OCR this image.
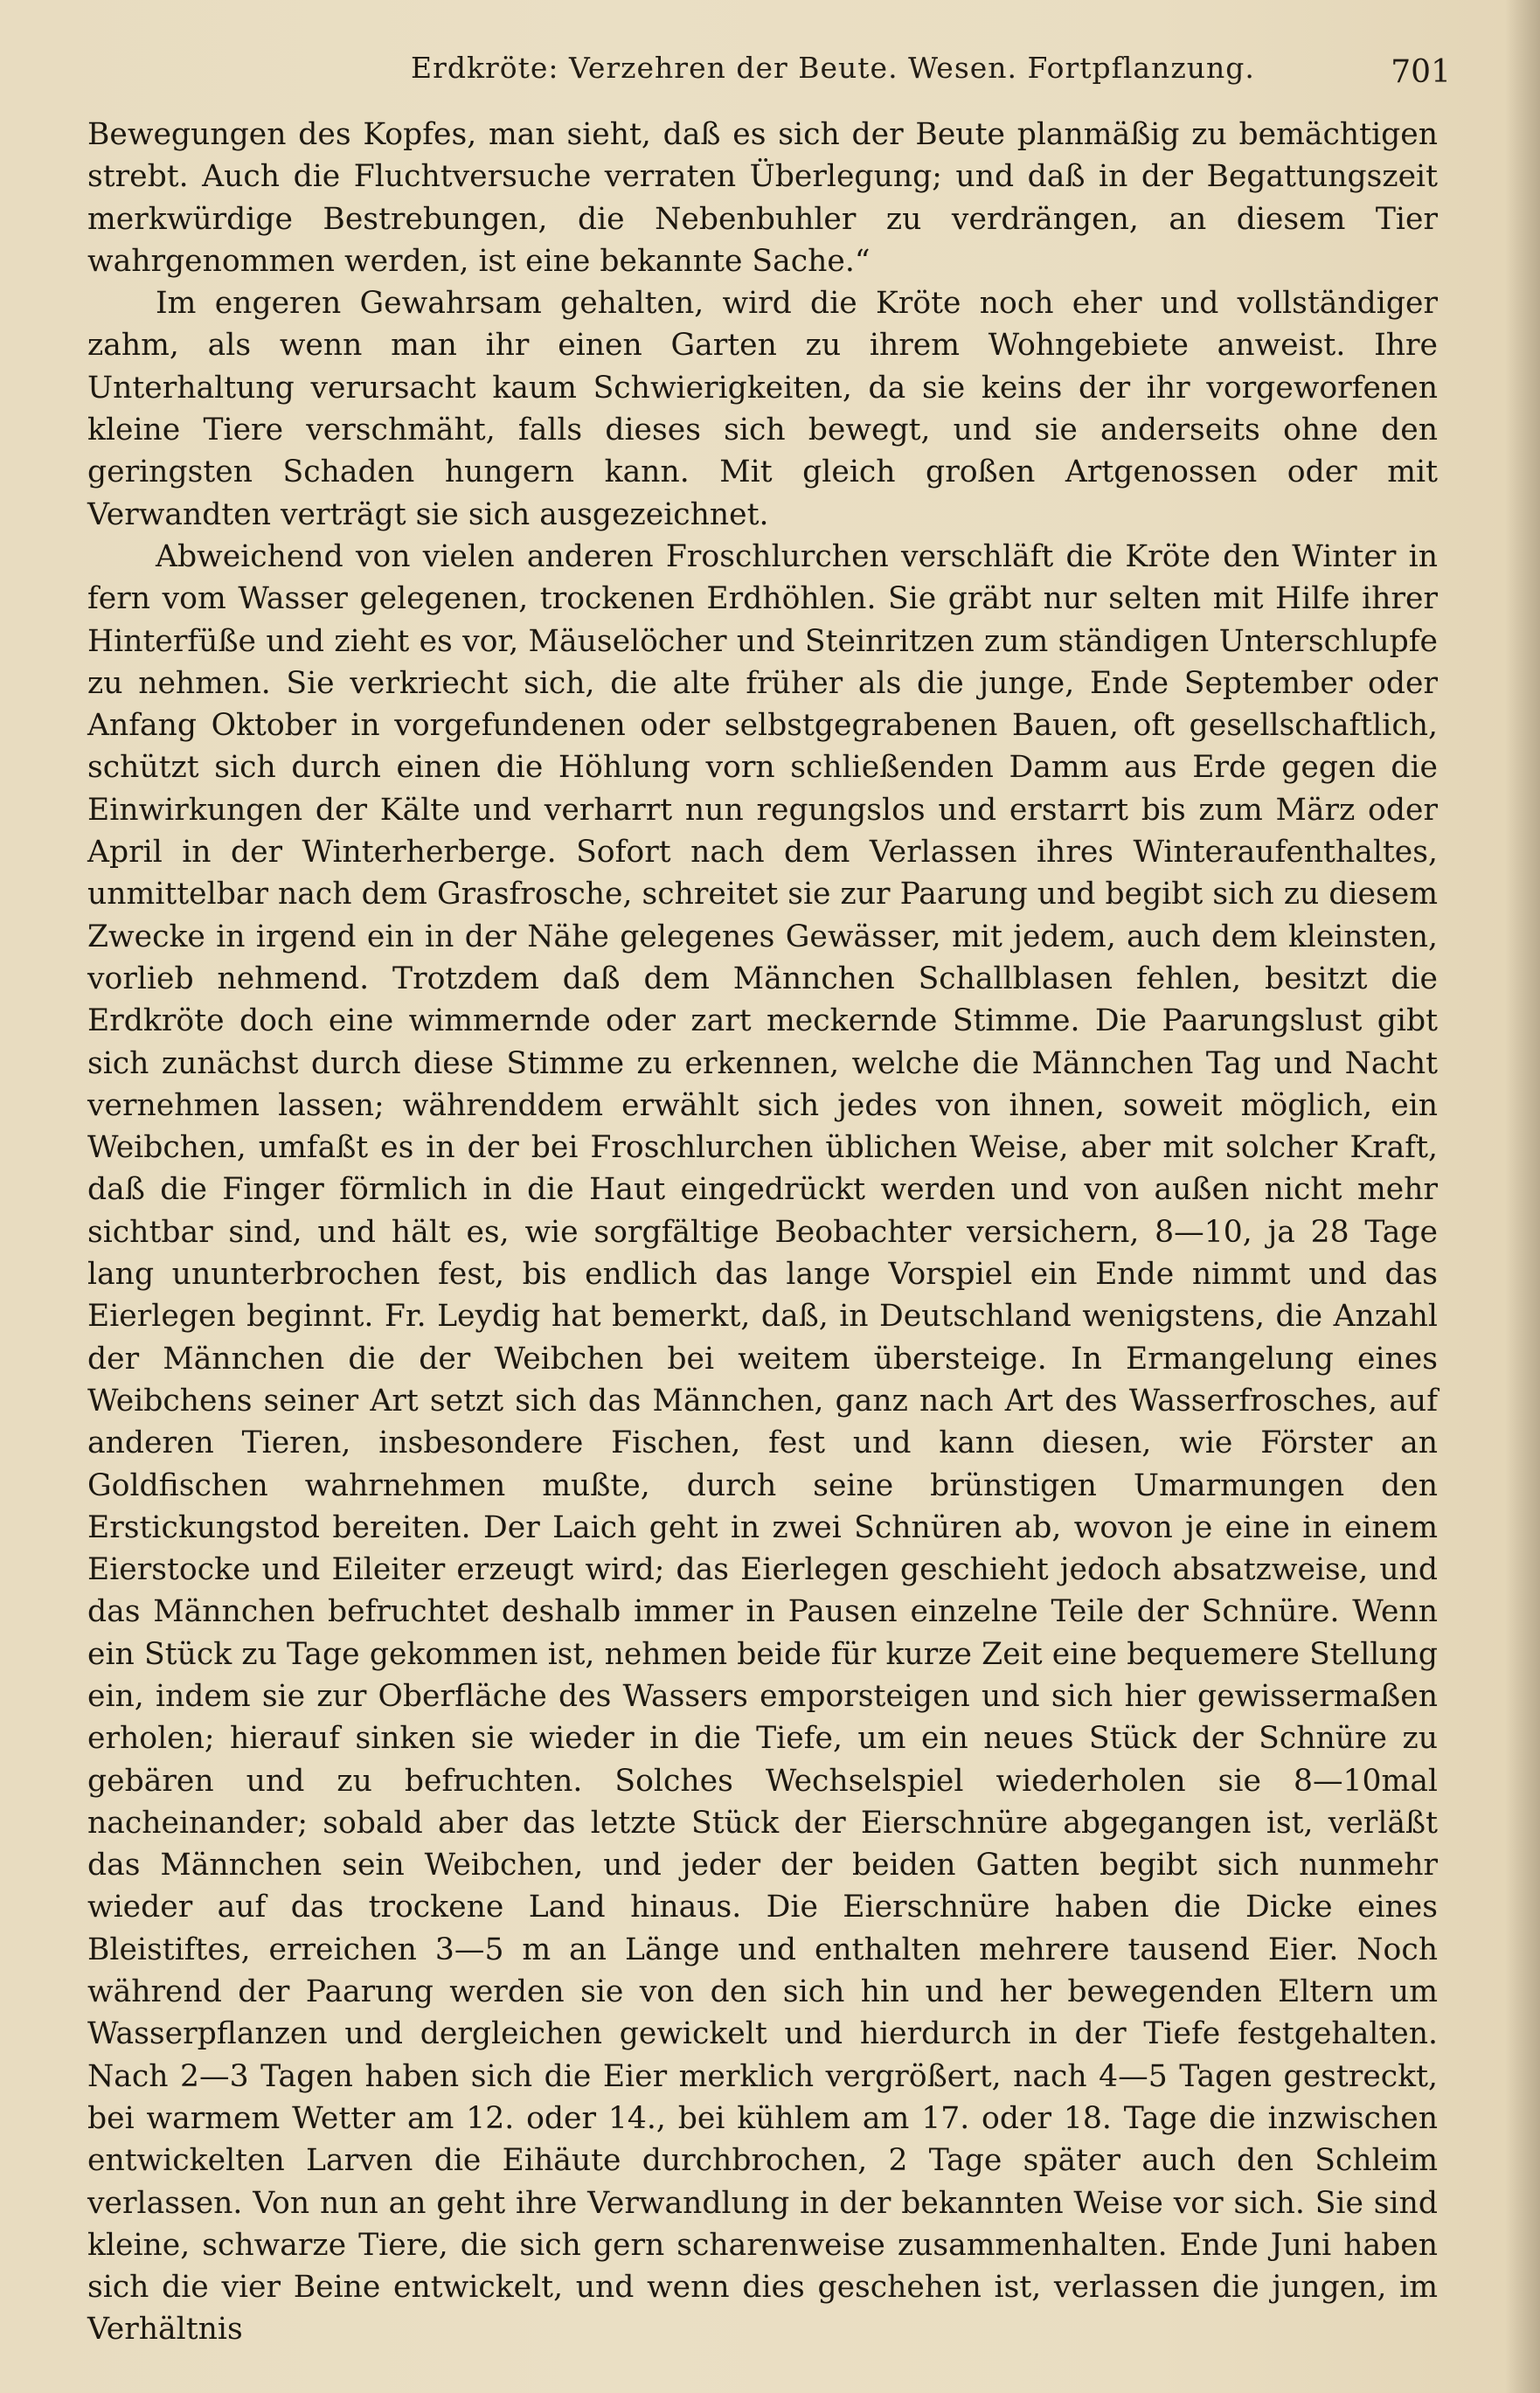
Erdkröte: Verzehren der Beute. Wesen. Fortpflanzung.	701

Bewegungen des Kopfes, man sieht, daß es sich der Beute planmäßig zu bemächtigen strebt. Auch die Fluchtversuche verraten Überlegung; und daß in der Begattungszeit merkwürdige Bestrebungen, die Nebenbuhler zu verdrängen, an diesem Tier wahrgenommen werden, ist eine bekannte Sache.“

Im engeren Gewahrsam gehalten, wird die Kröte noch eher und vollständiger zahm, als wenn man ihr einen Garten zu ihrem Wohngebiete anweist. Ihre Unterhaltung verursacht kaum Schwierigkeiten, da sie keins der ihr vorgeworfenen kleine Tiere verschmäht, falls dieses sich bewegt, und sie anderseits ohne den geringsten Schaden hungern kann. Mit gleich großen Artgenossen oder mit Verwandten verträgt sie sich ausgezeichnet.

Abweichend von vielen anderen Froschlurchen verschläft die Kröte den Winter in fern vom Wasser gelegenen, trockenen Erdhöhlen. Sie gräbt nur selten mit Hilfe ihrer Hinterfüße und zieht es vor, Mäuselöcher und Steinritzen zum ständigen Unterschlupfe zu nehmen. Sie verkriecht sich, die alte früher als die junge, Ende September oder Anfang Oktober in vorgefundenen oder selbstgegrabenen Bauen, oft gesellschaftlich, schützt sich durch einen die Höhlung vorn schließenden Damm aus Erde gegen die Einwirkungen der Kälte und verharrt nun regungslos und erstarrt bis zum März oder April in der Winterherberge. Sofort nach dem Verlassen ihres Winteraufenthaltes, unmittelbar nach dem Grasfrosche, schreitet sie zur Paarung und begibt sich zu diesem Zwecke in irgend ein in der Nähe gelegenes Gewässer, mit jedem, auch dem kleinsten, vorlieb nehmend. Trotzdem daß dem Männchen Schallblasen fehlen, besitzt die Erdkröte doch eine wimmernde oder zart meckernde Stimme. Die Paarungslust gibt sich zunächst durch diese Stimme zu erkennen, welche die Männchen Tag und Nacht vernehmen lassen; währenddem erwählt sich jedes von ihnen, soweit möglich, ein Weibchen, umfaßt es in der bei Froschlurchen üblichen Weise, aber mit solcher Kraft, daß die Finger förmlich in die Haut eingedrückt werden und von außen nicht mehr sichtbar sind, und hält es, wie sorgfältige Beobachter versichern, 8—10, ja 28 Tage lang ununterbrochen fest, bis endlich das lange Vorspiel ein Ende nimmt und das Eierlegen beginnt. Fr. Leydig hat bemerkt, daß, in Deutschland wenigstens, die Anzahl der Männchen die der Weibchen bei weitem übersteige. In Ermangelung eines Weibchens seiner Art setzt sich das Männchen, ganz nach Art des Wasserfrosches, auf anderen Tieren, insbesondere Fischen, fest und kann diesen, wie Förster an Goldfischen wahrnehmen mußte, durch seine brünstigen Umarmungen den Erstickungstod bereiten. Der Laich geht in zwei Schnüren ab, wovon je eine in einem Eierstocke und Eileiter erzeugt wird; das Eierlegen geschieht jedoch absatzweise, und das Männchen befruchtet deshalb immer in Pausen einzelne Teile der Schnüre. Wenn ein Stück zu Tage gekommen ist, nehmen beide für kurze Zeit eine bequemere Stellung ein, indem sie zur Oberfläche des Wassers emporsteigen und sich hier gewissermaßen erholen; hierauf sinken sie wieder in die Tiefe, um ein neues Stück der Schnüre zu gebären und zu befruchten. Solches Wechselspiel wiederholen sie 8—10mal nacheinander; sobald aber das letzte Stück der Eierschnüre abgegangen ist, verläßt das Männchen sein Weibchen, und jeder der beiden Gatten begibt sich nunmehr wieder auf das trockene Land hinaus. Die Eierschnüre haben die Dicke eines Bleistiftes, erreichen 3—5 m an Länge und enthalten mehrere tausend Eier. Noch während der Paarung werden sie von den sich hin und her bewegenden Eltern um Wasserpflanzen und dergleichen gewickelt und hierdurch in der Tiefe festgehalten. Nach 2—3 Tagen haben sich die Eier merklich vergrößert, nach 4—5 Tagen gestreckt, bei warmem Wetter am 12. oder 14., bei kühlem am 17. oder 18. Tage die inzwischen entwickelten Larven die Eihäute durchbrochen, 2 Tage später auch den Schleim verlassen. Von nun an geht ihre Verwandlung in der bekannten Weise vor sich. Sie sind kleine, schwarze Tiere, die sich gern scharenweise zusammenhalten. Ende Juni haben sich die vier Beine entwickelt, und wenn dies geschehen ist, verlassen die jungen, im Verhältnis
